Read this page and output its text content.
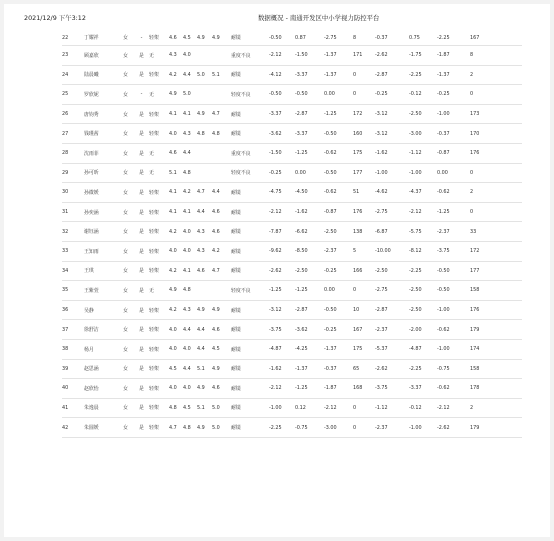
2021/12/9 下午3:12	数据概况 - 南通开发区中小学视力防控平台
22	丁耀祥	女	-	轻架	4.6	4.5	4.9	4.9		耐镜	-0.50	0.87	-2.75	8	-0.37	0.75	-2.25	167
23	顾嘉欣	女	是	无	4.3	4.0				重度不良	-2.12	-1.50	-1.37	171	-2.62	-1.75	-1.87	8
24	陆晨曦	女	是	轻架	4.2	4.4	5.0	5.1		耐镜	-4.12	-3.37	-1.37	0	-2.87	-2.25	-1.37	2
25	罗欣妮	女	-	无	4.9	5.0				轻度不良	-0.50	-0.50	0.00	0	-0.25	-0.12	-0.25	0
26	唐钧秀	女	是	轻架	4.1	4.1	4.9	4.7		耐镜	-3.37	-2.87	-1.25	172	-3.12	-2.50	-1.00	173
27	钱瑾茜	女	是	轻架	4.0	4.3	4.8	4.8		耐镜	-3.62	-3.37	-0.50	160	-3.12	-3.00	-0.37	170
28	沈雨菲	女	是	无	4.6	4.4				重度不良	-1.50	-1.25	-0.62	175	-1.62	-1.12	-0.87	176
29	孙可昕	女	是	无	5.1	4.8				轻度不良	-0.25	0.00	-0.50	177	-1.00	-1.00	0.00	0
30	孙微媛	女	是	轻架	4.1	4.2	4.7	4.4		耐镜	-4.75	-4.50	-0.62	51	-4.62	-4.37	-0.62	2
31	孙奕涵	女	是	轻架	4.1	4.1	4.4	4.6		耐镜	-2.12	-1.62	-0.87	176	-2.75	-2.12	-1.25	0
32	谢钰涵	女	是	轻架	4.2	4.0	4.3	4.6		耐镜	-7.87	-6.62	-2.50	138	-6.87	-5.75	-2.37	33
33	王知雨	女	是	轻架	4.0	4.0	4.3	4.2		耐镜	-9.62	-8.50	-2.37	5	-10.00	-8.12	-3.75	172
34	王琪	女	是	轻架	4.2	4.1	4.6	4.7		耐镜	-2.62	-2.50	-0.25	166	-2.50	-2.25	-0.50	177
35	王紫萱	女	是	无	4.9	4.8				轻度不良	-1.25	-1.25	0.00	0	-2.75	-2.50	-0.50	158
36	吴静	女	是	轻架	4.2	4.3	4.9	4.9		耐镜	-3.12	-2.87	-0.50	10	-2.87	-2.50	-1.00	176
37	徐舒洁	女	是	轻架	4.0	4.4	4.4	4.6		耐镜	-3.75	-3.62	-0.25	167	-2.37	-2.00	-0.62	179
38	杨月	女	是	轻架	4.0	4.0	4.4	4.5		耐镜	-4.87	-4.25	-1.37	175	-5.37	-4.87	-1.00	174
39	赵思涵	女	是	轻架	4.5	4.4	5.1	4.9		耐镜	-1.62	-1.37	-0.37	65	-2.62	-2.25	-0.75	158
40	赵欣怡	女	是	轻架	4.0	4.0	4.9	4.6		耐镜	-2.12	-1.25	-1.87	168	-3.75	-3.37	-0.62	178
41	朱逸晨	女	是	轻架	4.8	4.5	5.1	5.0		耐镜	-1.00	0.12	-2.12	0	-1.12	-0.12	-2.12	2
42	朱圆媛	女	是	轻架	4.7	4.8	4.9	5.0		耐镜	-2.25	-0.75	-3.00	0	-2.37	-1.00	-2.62	179
